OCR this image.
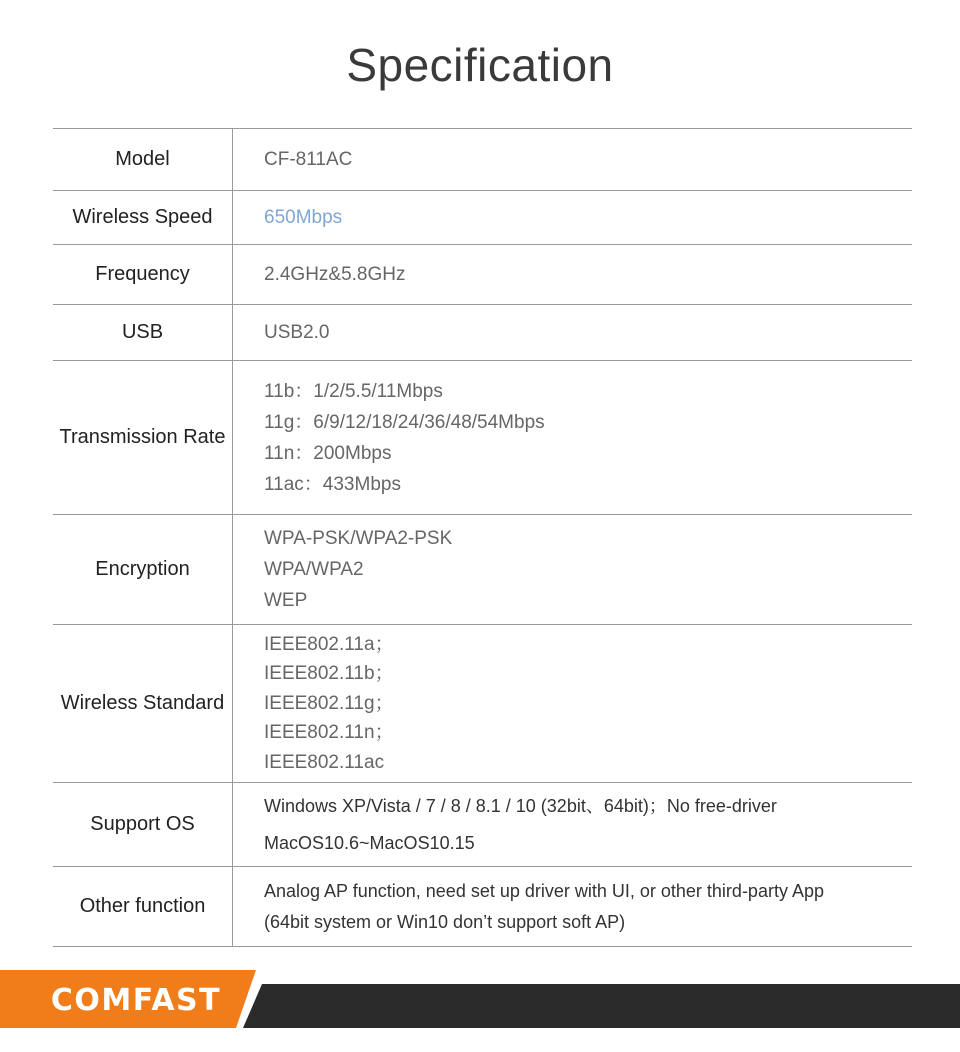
Specification
Model	CF-811AC

Wireless Speed	650Mbps

Frequency	2.4GHz&5.8GHz

USB	USB2.0

Transmission Rate	11b：1/2/5.5/11Mbps
11g：6/9/12/18/24/36/48/54Mbps
11n：200Mbps
11ac：433Mbps

Encryption	WPA-PSK/WPA2-PSK
WPA/WPA2
WEP

Wireless Standard	IEEE802.11a；
IEEE802.11b；
IEEE802.11g；
IEEE802.11n；
IEEE802.11ac

Support OS	Windows XP/Vista / 7 / 8 / 8.1 / 10 (32bit、64bit)；No free-driver
MacOS10.6~MacOS10.15

Other function	Analog AP function, need set up driver with UI, or other third-party App
(64bit system or Win10 don’t support soft AP)
COMFAST
